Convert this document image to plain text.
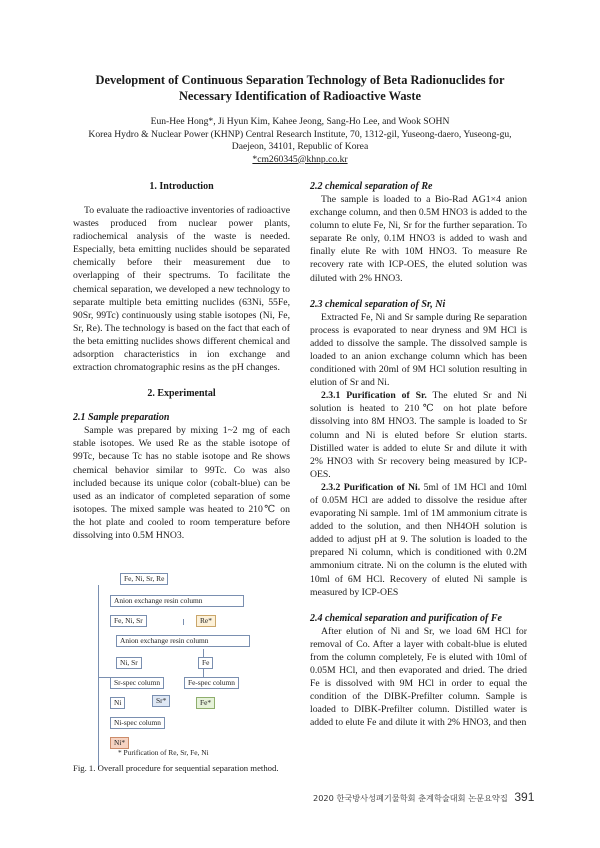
Development of Continuous Separation Technology of Beta Radionuclides for
Necessary Identification of Radioactive Waste
Eun-Hee Hong*, Ji Hyun Kim, Kahee Jeong, Sang-Ho Lee, and Wook SOHN
Korea Hydro & Nuclear Power (KHNP) Central Research Institute, 70, 1312-gil, Yuseong-daero, Yuseong-gu,
Daejeon, 34101, Republic of Korea
*cm260345@khnp.co.kr
1. Introduction

To evaluate the radioactive inventories of radioactive wastes produced from nuclear power plants, radiochemical analysis of the waste is needed. Especially, beta emitting nuclides should be separated chemically before their measurement due to overlapping of their spectrums. To facilitate the chemical separation, we developed a new technology to separate multiple beta emitting nuclides (63Ni, 55Fe, 90Sr, 99Tc) continuously using stable isotopes (Ni, Fe, Sr, Re). The technology is based on the fact that each of the beta emitting nuclides shows different chemical and adsorption characteristics in ion exchange and extraction chromatographic resins as the pH changes.

2. Experimental
2.1 Sample preparation

Sample was prepared by mixing 1~2 mg of each stable isotopes. We used Re as the stable isotope of 99Tc, because Tc has no stable isotope and Re shows chemical behavior similar to 99Tc. Co was also included because its unique color (cobalt-blue) can be used as an indicator of completed separation of some isotopes. The mixed sample was heated to 210℃ on the hot plate and cooled to room temperature before dissolving into 0.5M HNO3.

Fe, Ni, Sr, Re
Anion exchange resin column
Fe, Ni, Sr	Re*
Anion exchange resin column
Ni, Sr	Fe
Sr-spec column	Fe-spec column
Ni	Sr*	Fe*
Ni-spec column
Ni*
* Purification of Re, Sr, Fe, Ni
Fig. 1. Overall procedure for sequential separation method.
2.2 chemical separation of Re

The sample is loaded to a Bio-Rad AG1×4 anion exchange column, and then 0.5M HNO3 is added to the column to elute Fe, Ni, Sr for the further separation. To separate Re only, 0.1M HNO3 is added to wash and finally elute Re with 10M HNO3. To measure Re recovery rate with ICP-OES, the eluted solution was diluted with 2% HNO3.

2.3 chemical separation of Sr, Ni

Extracted Fe, Ni and Sr sample during Re separation process is evaporated to near dryness and 9M HCl is added to dissolve the sample. The dissolved sample is loaded to an anion exchange column which has been conditioned with 20ml of 9M HCl solution resulting in elution of Sr and Ni.

2.3.1 Purification of Sr. The eluted Sr and Ni solution is heated to 210℃ on hot plate before dissolving into 8M HNO3. The sample is loaded to Sr column and Ni is eluted before Sr elution starts. Distilled water is added to elute Sr and dilute it with 2% HNO3 with Sr recovery being measured by ICP-OES.

2.3.2 Purification of Ni. 5ml of 1M HCl and 10ml of 0.05M HCl are added to dissolve the residue after evaporating Ni sample. 1ml of 1M ammonium citrate is added to the solution, and then NH4OH solution is added to adjust pH at 9. The solution is loaded to the prepared Ni column, which is conditioned with 0.2M ammonium citrate. Ni on the column is the eluted with 10ml of 6M HCl. Recovery of eluted Ni sample is measured by ICP-OES

2.4 chemical separation and purification of Fe

After elution of Ni and Sr, we load 6M HCl for removal of Co. After a layer with cobalt-blue is eluted from the column completely, Fe is eluted with 10ml of 0.05M HCl, and then evaporated and dried. The dried Fe is dissolved with 9M HCl in order to equal the condition of the DIBK-Prefilter column. Sample is loaded to DIBK-Prefilter column. Distilled water is added to elute Fe and dilute it with 2% HNO3, and then

2020 한국방사성폐기물학회 춘계학술대회 논문요약집 391
